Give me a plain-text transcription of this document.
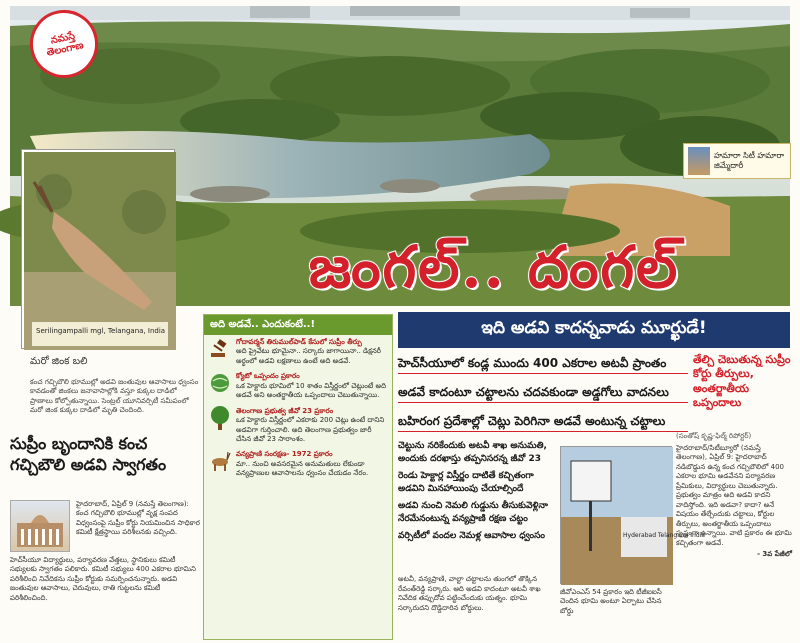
నమస్తే తెలంగాణ
హమారా సిటీ హమారా జిమ్మేదారీ
Serilingampalli mgl, Telangana, India
మరో జింక బలి
కంచ గచ్చిబౌలి భూముల్లో అడవి జంతువుల ఆవాసాలు ధ్వంసం కావడంతో జింకలు జనావాసాల్లోకి వస్తూ కుక్కల దాడిలో ప్రాణాలు కోల్పోతున్నాయి. సెంట్రల్ యూనివర్సిటీ సమీపంలో మరో జింక కుక్కల దాడిలో మృతి చెందింది.
జంగల్.. దంగల్
సుప్రీం బృందానికి కంచ గచ్చిబౌలి అడవి స్వాగతం
హైదరాబాద్, ఏప్రిల్ 9 (నమస్తే తెలంగాణ): కంచ గచ్చిబౌలి భూముల్లో వృక్ష సంపద విధ్వంసంపై సుప్రీం కోర్టు నియమించిన సాధికార కమిటీ క్షేత్రస్థాయి పరిశీలనకు వచ్చింది.
హెచ్‌సీయూ విద్యార్థులు, పర్యావరణ వేత్తలు, స్థానికులు కమిటీ సభ్యులకు స్వాగతం పలికారు. కమిటీ సభ్యులు 400 ఎకరాల భూమిని పరిశీలించి నివేదికను సుప్రీం కోర్టుకు సమర్పించనున్నారు. అడవి జంతువుల ఆవాసాలు, చెరువులు, రాతి గుట్టలను కమిటీ పరిశీలించింది.
అది అడవే.. ఎందుకంటే..!
గోదావర్మన్ తిరుముల్‌పాడ్ కేసులో సుప్రీం తీర్పు
అది ప్రైవేటు భూమైనా.. సర్కారు జాగాయినా.. డిక్షనరీ అర్థంలో అడవి లక్షణాలు ఉంటే అది అడవే.
క్యోటో ఒప్పందం ప్రకారం
ఒక హెక్టారు భూమిలో 10 శాతం విస్తీర్ణంలో చెట్లుంటే అది అడవే అని అంతర్జాతీయ ఒప్పందాలు చెబుతున్నాయి.
తెలంగాణ ప్రభుత్వ జీవో 23 ప్రకారం
ఒక హెక్టారు విస్తీర్ణంలో ఎకరాకు 200 చెట్లు ఉంటే దానిని అడవిగా గుర్తించాలి. అది తెలంగాణ ప్రభుత్వం జారీ చేసిన జీవో 23 సారాంశం.
వన్యప్రాణి సంరక్షణ- 1972 ప్రకారం
మా.. నుంచి అవసరమైన అనుమతులు లేకుండా వన్యప్రాణుల ఆవాసాలను ధ్వంసం చేయడం నేరం.
ఇది అడవి కాదన్నవాడు మూర్ఖుడే!
హెచ్‌సీయూలో కండ్ల ముందు 400 ఎకరాల అటవీ ప్రాంతం
అడవే కాదంటూ చట్టాలను చదవకుండా అడ్డగోలు వాదనలు
బహిరంగ ప్రదేశాల్లో చెట్లు పెరిగినా అడవే అంటున్న చట్టాలు
తేల్చి చెబుతున్న సుప్రీం కోర్టు తీర్పులు, అంతర్జాతీయ ఒప్పందాలు
చెట్టును నరికేందుకు అటవీ శాఖ అనుమతి, అందుకు దరఖాస్తు తప్పనిసరన్న జీవో 23
రెండు హెక్టార్ల విస్తీర్ణం దాటితే కచ్చితంగా అడవిని మినహాయింపు చేయాల్సిందే
అడవి నుంచి నెమలి గుడ్డును తీసుకువెళ్లినా నేరమేనంటున్న వన్యప్రాణి రక్షణ చట్టం
వర్సిటీలో వందల నెమళ్ల ఆవాసాల ధ్వంసం
అటవీ, వన్యప్రాణి, వాల్టా చట్టాలను తుంగలో తొక్కిన రేవంత్‌రెడ్డి సర్కారు. ఆది అడవి కాదంటూ అటవీ శాఖ నివేదిక తప్పుదోవ పట్టించేందుకు యత్నం. భూమి సర్కారుదని దొడ్డిదారిన బోర్డులు.
Hyderabad Telangana India
జీవోఎంఎస్ 54 ప్రకారం ఇది టీజీఐఐసీ చెందిన భూమి అంటూ ఏర్పాటు చేసిన బోర్డు
(సంతోష్ కృష్ణ-ఫిల్మ్ రిపోర్టర్)
హైదరాబాద్/సిటీబ్యూరో (నమస్తే తెలంగాణ), ఏప్రిల్ 9: హైదరాబాద్ నడిబొడ్డున ఉన్న కంచ గచ్చిబౌలిలో 400 ఎకరాల భూమి అడవేనని పర్యావరణ ప్రేమికులు, విద్యార్థులు చెబుతున్నారు. ప్రభుత్వం మాత్రం అది అడవి కాదని వాదిస్తోంది. ఇది అడవా? కాదా? అనే విషయం తేల్చేందుకు చట్టాలు, కోర్టుల తీర్పులు, అంతర్జాతీయ ఒప్పందాలు స్పష్టంగా ఉన్నాయి. వాటి ప్రకారం ఈ భూమి కచ్చితంగా అడవే.
- 3వ పేజీలో
